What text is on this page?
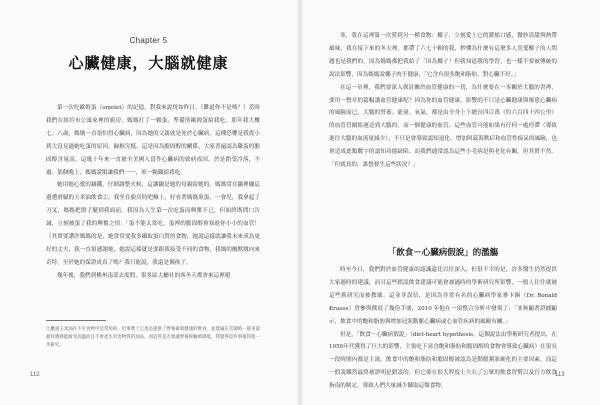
Chapter 5
心臟健康，大腦就健康

第一次吃歐姆蛋（omelet）的記憶，對我來說恍如昨日。（難道你不是嗎？）當時我們在紐約市公寓家裡的廚房，媽媽打了一顆蛋，準備煎歐姆蛋給我吃。那年我大概七、八歲，媽媽一直很怕得心臟病，因為她的父親就是死於心臟病，這種恐懼是我從小到大沒見過她吃蛋的原因。歸根究柢，這是因為膽固醇的關係，大家普遍認為雞蛋的膽固醇含量高，這幾十年來一直被全美國人當作心臟病的致病成因，於是錯受冷落，不過，那個晚上，媽媽說服讓我們一一，煎一顆雞給我吃。

她用她心愛的鑄鐵，仔細調整火候，這讓鍋是她的母親給她的，媽媽常在鍋裡爐這邊遭滑膩的玉米油飲食②，我坐在廚房的吧檯上，好看著媽媽煎蛋，一會兒，我拿起了刀叉，媽媽把盤子擺到我面前。我因為人生第一次吃蛋而興奮不已，但始終既問口告誡，立刻被蛋了我的興奮之情：「蛋不能太常吃，蛋裡的膽固醇會塞進你小小的血管！（其實要讚許媽媽的是，她常常要我多攝取蛋白質的食物，她說這樣就讓我未來成為更好的丈夫，我一直很感謝她，她說這樣就是要跟我接受不同的食物，我媽的幽默緣向來奇特，至於她的保證成真了嗎？我只能說，我還是個孩子。

幾年後，我們到佛州南部去度假，很多區大廳社的客冬天都會來這裡避

②雖說玉米油在不少食物中是常用的，但事實上它也是提供了營養素與健康的飲食，並建議在烹調時一般來說最好選擇能耐受高溫而且不會產生有害物質的油品，而這些是否會讓營養經驗被降低，我覺得這件事值得進一步研究。
112

寒，我在這裡第一次嘗到另一種食物：椰子，立刻愛上它的濃郁口感，微妙清甜與熱帶風味，我在接下來的冬天裡，都帶了六七十顆的我，秒懂為什麼有這麼多人喜愛椰子的人問題也是我們的，因為媽媽都把我給了「因為椰子！但我知道我的學習，也一樣不要被傳統的說法影響，因為媽媽說椰子肉不健康，「它含有很多飽和脂肪，對心臟不好。」

在這一章裡，我們要深入探討關於血管健康的一切，為什麼要在一本關於大腦的書裡，要用一整章的篇幅講血管健康呢？因為你的血管健康，影響的不只是心臟健康與罹患心臟病的風險而已，大腦的營養、能量、氧氣，都是由全身上下總長四百萬（約六百四十四公里）的血管管網絡運送到大腦的，而一個健康的血管、這些血管可能如果有任何一處停滯（導致進往大腦的血流量減少），不只是會導致認知退化、增加阿茲海默症和血管性痴呆的風險，也會造成此類數字的認知功能缺陷。而我們通常認為這些小毛病是與老化有關，但其實不然。「但就真的，誰想發生這些狀況？」

「飲食－心臟病假說」的濫觴

時至今日，我們對於血管健康的認識還比以往深入，但很不幸的是，許多醫生仍然提供大家過時的建議，而且這些錯誤飲食建議可能會被過時的學術研究所影響，一般人往往就被這些舊研究而被教壞。這並非誤信，是因為非常有名的心臟病學家麥卡錫（Dr. Ronald Krauss）曾參與撰寫了幾份手冊，2010 年他在一項整合分析中發現了：「並無顯著證據顯示，飲食中的飽和脂肪與增加冠狀動脈心臟病或心血管疾病的風險有關。」

但是，「飲食－心臟病假說」（diet-heart hypothesis，這個說法由學術研究者提出，在1950年代獲得了巨大的影響，主張吃下富含飽和脂肪和膽固醇的食物會導致心臟病）在很長一段時間內都是主流。飲食中的飽和脂肪和膽固醇被認為是動脈粥狀硬化的主要因素，而這一假說雖然最終被證明是錯誤的，但它卻在很大程度上左右了公眾的飲食習慣以及官方飲食指南的制定，導致人們大量減少攝取這類食物。

113
